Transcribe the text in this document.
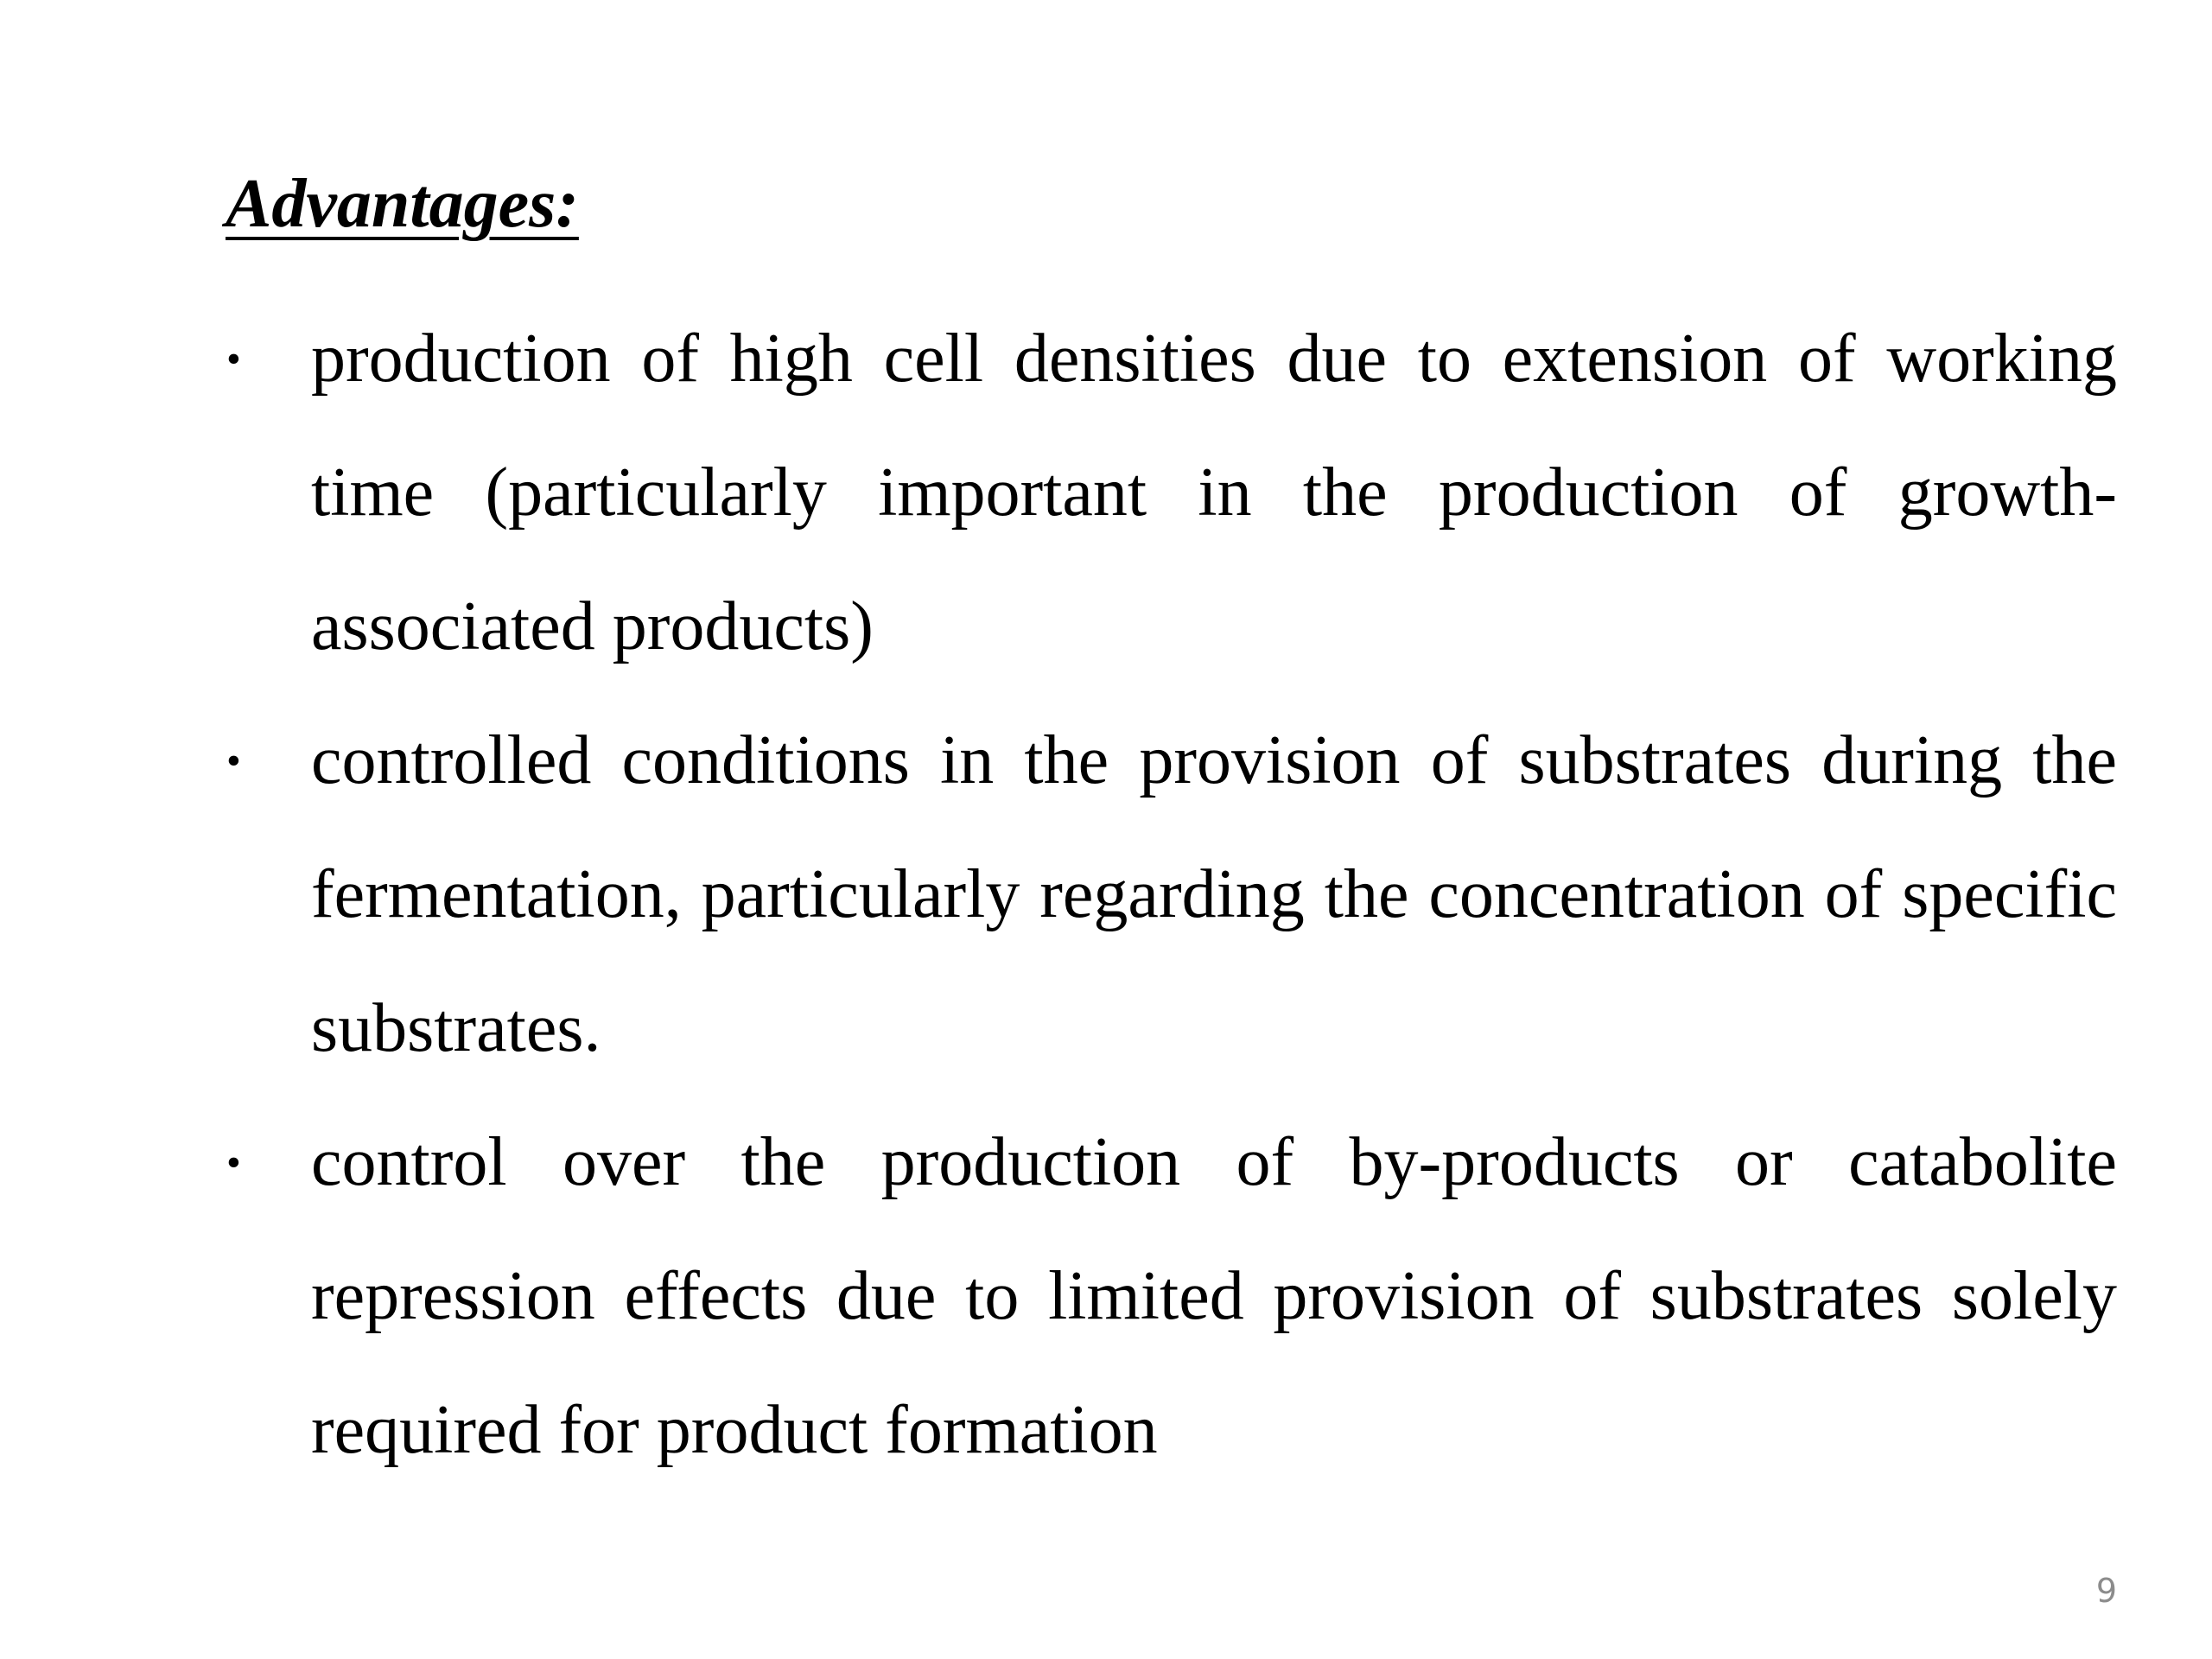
Advantages:
• production of high cell densities due to extension of working time (particularly important in the production of growth-associated products)
• controlled conditions in the provision of substrates during the fermentation, particularly regarding the concentration of specific substrates.
• control over the production of by-products or catabolite repression effects due to limited provision of substrates solely required for product formation
9
